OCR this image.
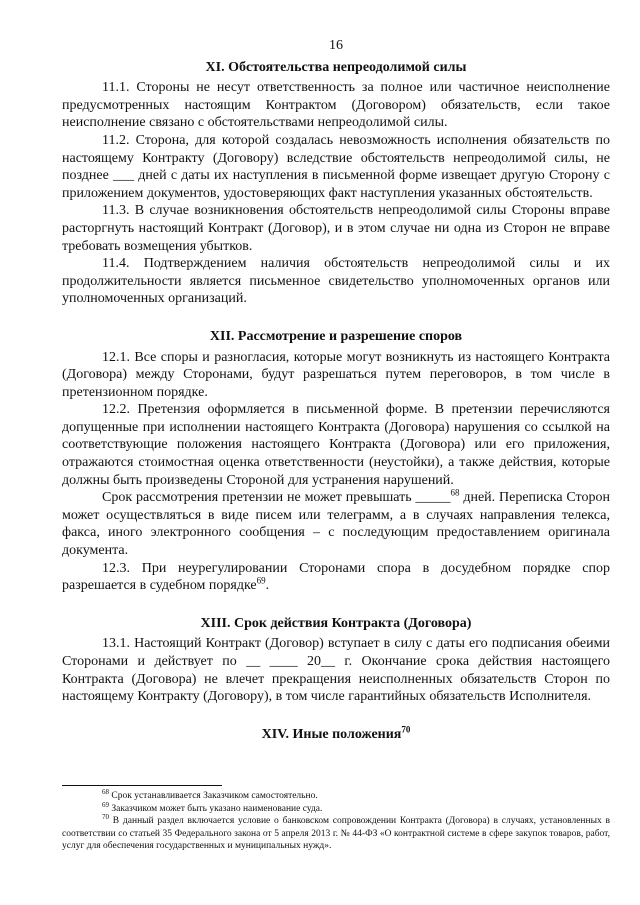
16
XI. Обстоятельства непреодолимой силы

11.1. Стороны не несут ответственность за полное или частичное неисполнение предусмотренных настоящим Контрактом (Договором) обязательств, если такое неисполнение связано с обстоятельствами непреодолимой силы.

11.2. Сторона, для которой создалась невозможность исполнения обязательств по настоящему Контракту (Договору) вследствие обстоятельств непреодолимой силы, не позднее ___ дней с даты их наступления в письменной форме извещает другую Сторону с приложением документов, удостоверяющих факт наступления указанных обстоятельств.

11.3. В случае возникновения обстоятельств непреодолимой силы Стороны вправе расторгнуть настоящий Контракт (Договор), и в этом случае ни одна из Сторон не вправе требовать возмещения убытков.

11.4. Подтверждением наличия обстоятельств непреодолимой силы и их продолжительности является письменное свидетельство уполномоченных органов или уполномоченных организаций.

XII. Рассмотрение и разрешение споров

12.1. Все споры и разногласия, которые могут возникнуть из настоящего Контракта (Договора) между Сторонами, будут разрешаться путем переговоров, в том числе в претензионном порядке.

12.2. Претензия оформляется в письменной форме. В претензии перечисляются допущенные при исполнении настоящего Контракта (Договора) нарушения со ссылкой на соответствующие положения настоящего Контракта (Договора) или его приложения, отражаются стоимостная оценка ответственности (неустойки), а также действия, которые должны быть произведены Стороной для устранения нарушений.

Срок рассмотрения претензии не может превышать _____$^{68}$ дней. Переписка Сторон может осуществляться в виде писем или телеграмм, а в случаях направления телекса, факса, иного электронного сообщения – с последующим предоставлением оригинала документа.

12.3. При неурегулировании Сторонами спора в досудебном порядке спор разрешается в судебном порядке$^{69}$.

XIII. Срок действия Контракта (Договора)

13.1. Настоящий Контракт (Договор) вступает в силу с даты его подписания обеими Сторонами и действует по __ ____ 20__ г. Окончание срока действия настоящего Контракта (Договора) не влечет прекращения неисполненных обязательств Сторон по настоящему Контракту (Договору), в том числе гарантийных обязательств Исполнителя.

XIV. Иные положения$^{70}$

$^{68}$ Срок устанавливается Заказчиком самостоятельно.

$^{69}$ Заказчиком может быть указано наименование суда.

$^{70}$ В данный раздел включается условие о банковском сопровождении Контракта (Договора) в случаях, установленных в соответствии со статьей 35 Федерального закона от 5 апреля 2013 г. № 44-ФЗ «О контрактной системе в сфере закупок товаров, работ, услуг для обеспечения государственных и муниципальных нужд».
